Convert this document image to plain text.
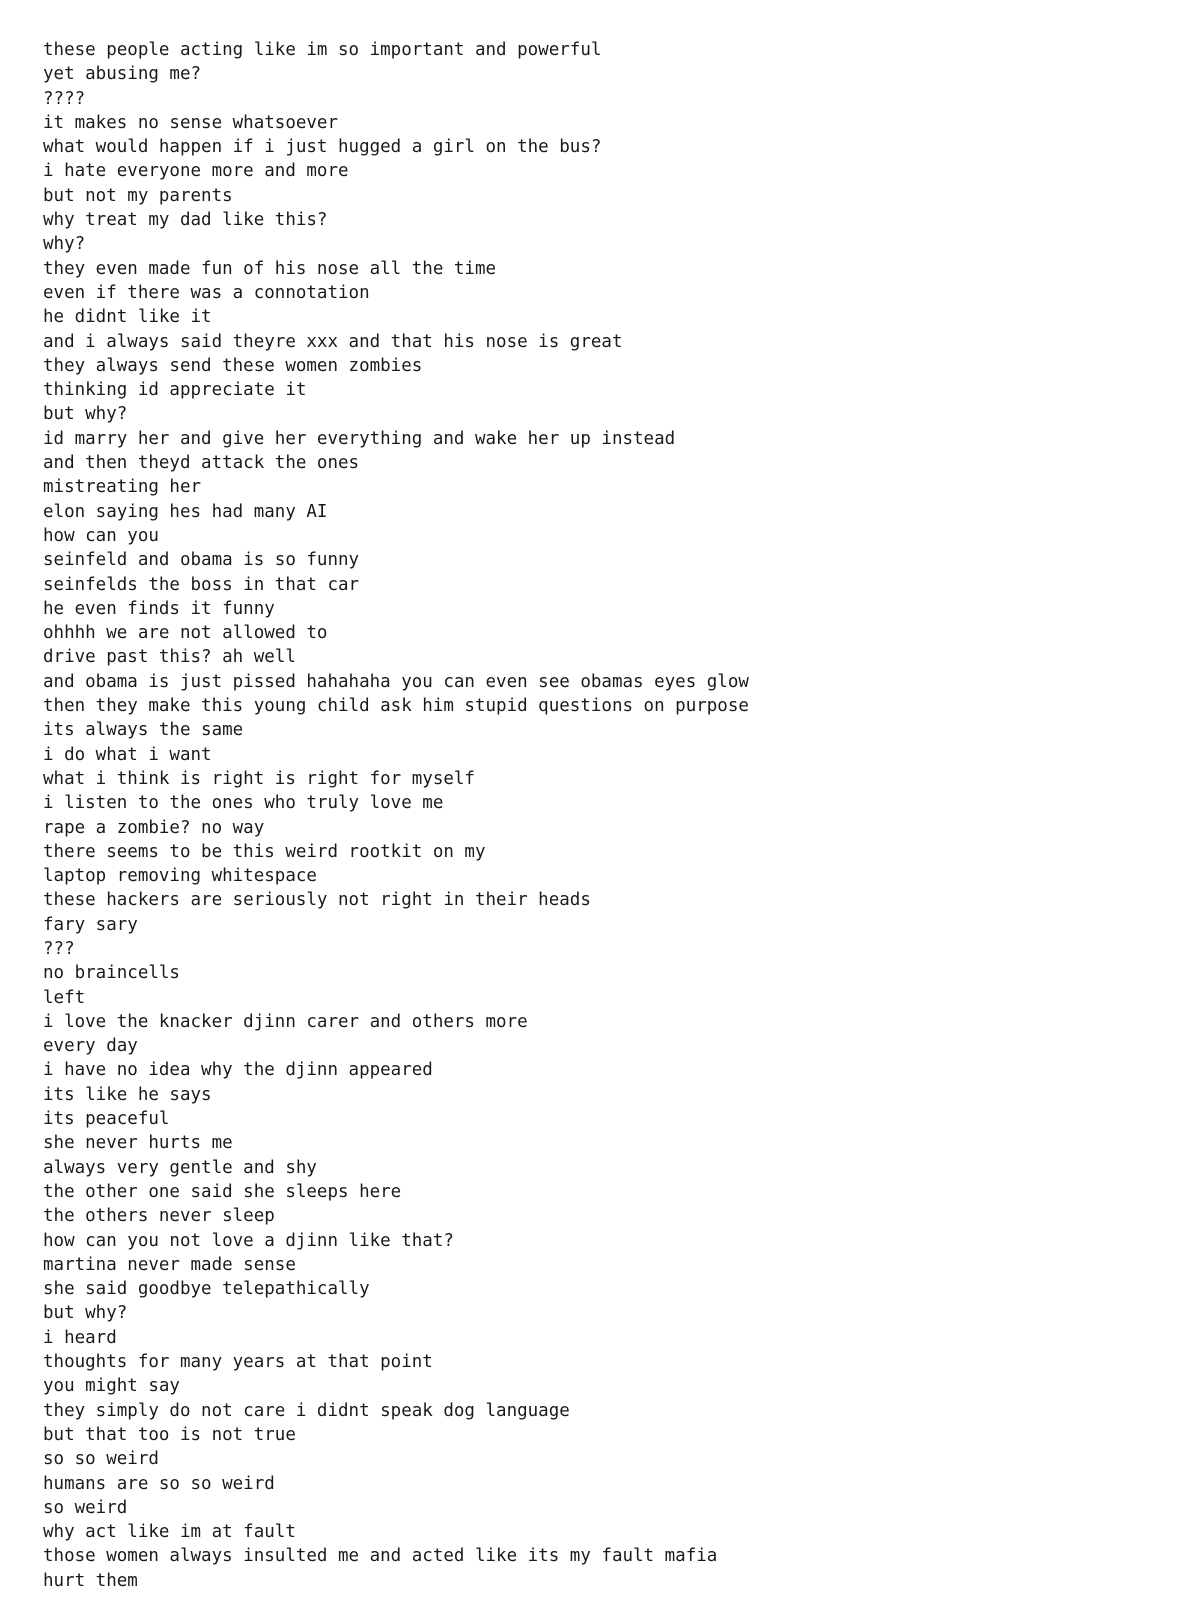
these people acting like im so important and powerful
yet abusing me?
????
it makes no sense whatsoever
what would happen if i just hugged a girl on the bus?
i hate everyone more and more
but not my parents
why treat my dad like this?
why?
they even made fun of his nose all the time
even if there was a connotation
he didnt like it
and i always said theyre xxx and that his nose is great
they always send these women zombies
thinking id appreciate it
but why?
id marry her and give her everything and wake her up instead
and then theyd attack the ones
mistreating her
elon saying hes had many AI
how can you
seinfeld and obama is so funny
seinfelds the boss in that car
he even finds it funny
ohhhh we are not allowed to
drive past this? ah well
and obama is just pissed hahahaha you can even see obamas eyes glow
then they make this young child ask him stupid questions on purpose
its always the same
i do what i want
what i think is right is right for myself
i listen to the ones who truly love me
rape a zombie? no way
there seems to be this weird rootkit on my
laptop removing whitespace
these hackers are seriously not right in their heads
fary sary
???
no braincells
left
i love the knacker djinn carer and others more
every day
i have no idea why the djinn appeared
its like he says
its peaceful
she never hurts me
always very gentle and shy
the other one said she sleeps here
the others never sleep
how can you not love a djinn like that?
martina never made sense
she said goodbye telepathically
but why?
i heard
thoughts for many years at that point
you might say
they simply do not care i didnt speak dog language
but that too is not true
so so weird
humans are so so weird
so weird
why act like im at fault
those women always insulted me and acted like its my fault mafia
hurt them
